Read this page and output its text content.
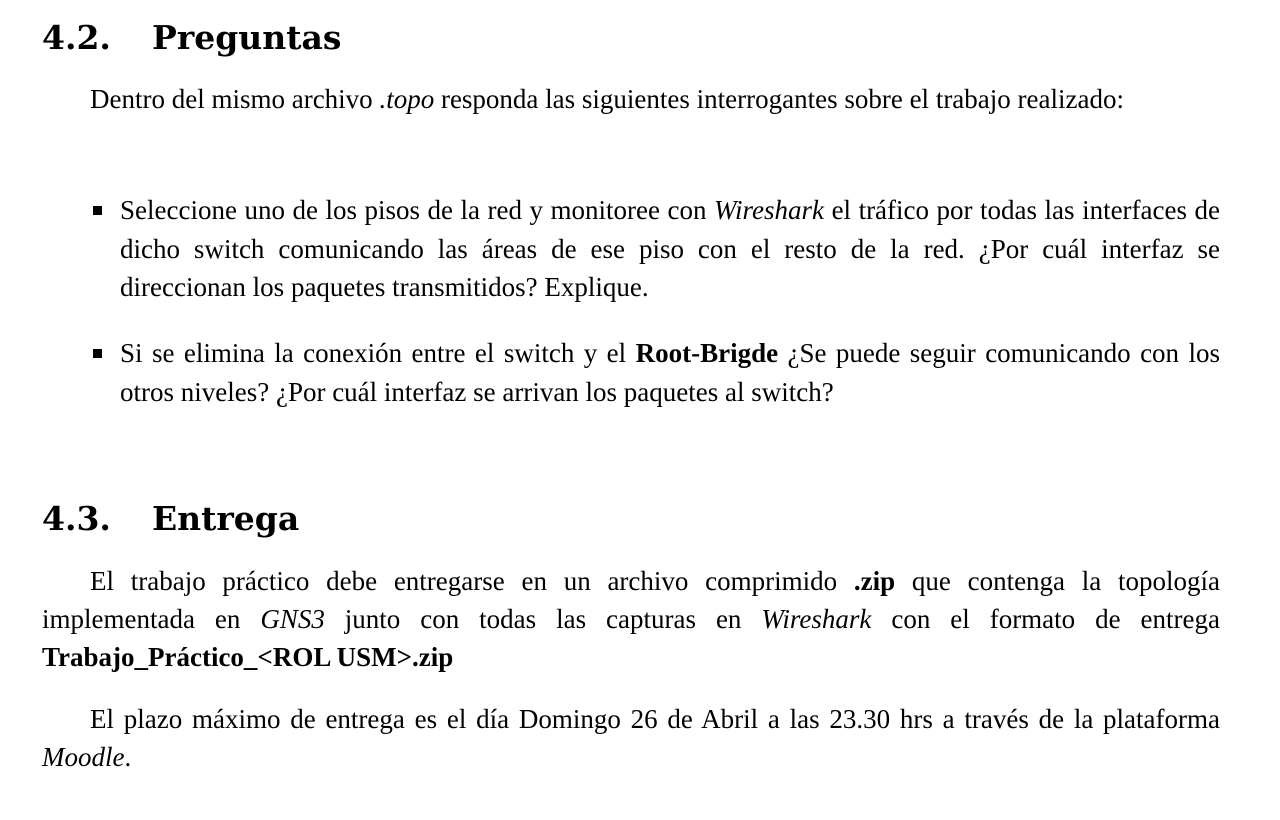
4.2. Preguntas

Dentro del mismo archivo .topo responda las siguientes interrogantes sobre el trabajo realizado:

Seleccione uno de los pisos de la red y monitoree con Wireshark el tráfico por todas las interfaces de dicho switch comunicando las áreas de ese piso con el resto de la red. ¿Por cuál interfaz se direccionan los paquetes transmitidos? Explique.
Si se elimina la conexión entre el switch y el Root-Brigde ¿Se puede seguir comunicando con los otros niveles? ¿Por cuál interfaz se arrivan los paquetes al switch?
4.3. Entrega

El trabajo práctico debe entregarse en un archivo comprimido .zip que contenga la topología implementada en GNS3 junto con todas las capturas en Wireshark con el formato de entrega Trabajo_Práctico_<ROL USM>.zip

El plazo máximo de entrega es el día Domingo 26 de Abril a las 23.30 hrs a través de la plataforma Moodle.
